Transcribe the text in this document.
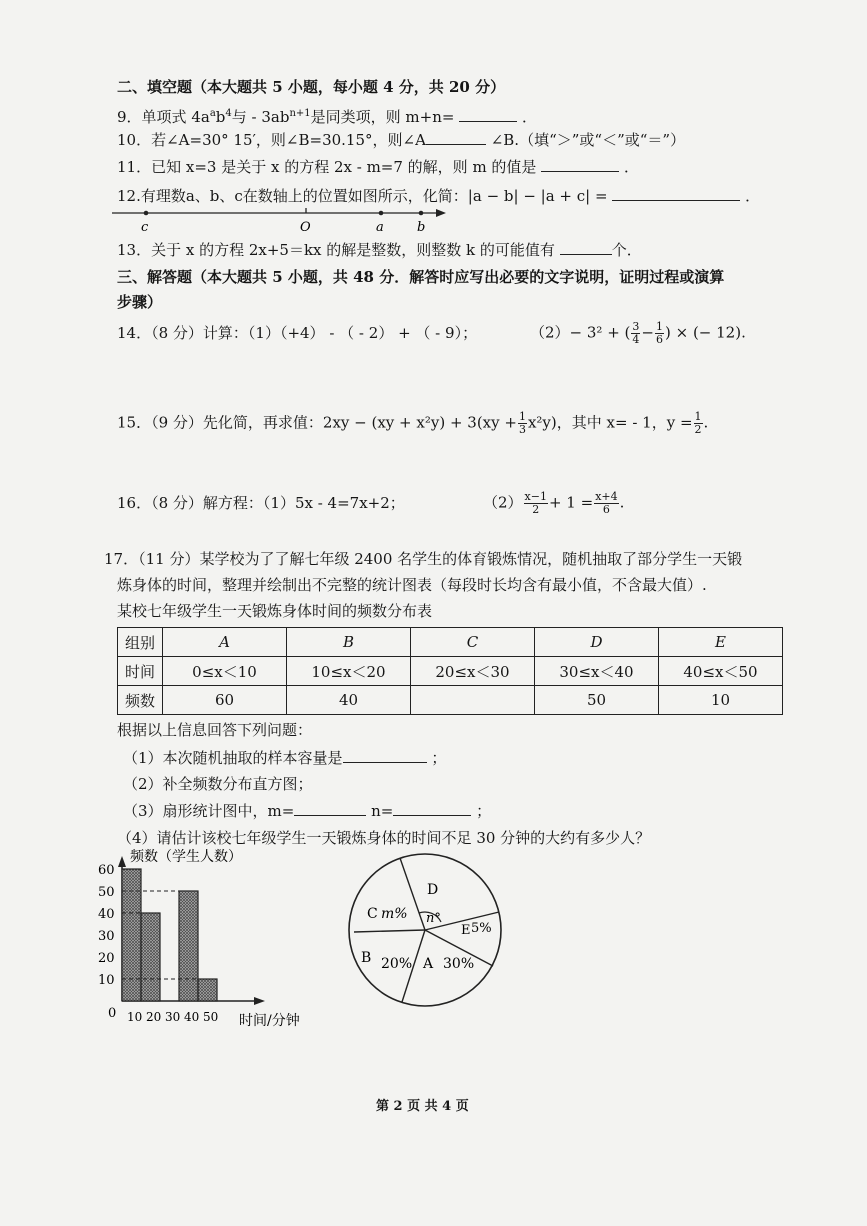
二、填空题（本大题共 5 小题，每小题 4 分，共 20 分）
9．单项式 $4a^ab^4$与 - $3ab^{n+1}$是同类项，则 m+n=	．
10．若∠A=30° 15′，则∠B=30.15°，则∠A	∠B.（填“＞”或“＜”或“＝”）
11．已知 x=3 是关于 x 的方程 2x - m=7 的解，则 m 的值是	．
12.有理数a、b、c在数轴上的位置如图所示，化简：|a − b| − |a + c| =	．
c	O	a	b
13．关于 x 的方程 2x+5＝kx 的解是整数，则整数 k 的可能值有	个．
三、解答题（本大题共 5 小题，共 48 分．解答时应写出必要的文字说明，证明过程或演算
步骤）
14．（8 分）计算：（1）（+4） - （ - 2） + （ - 9）；	（2）− 3² + ( $\frac{3}{4} - \frac{1}{6}$ ) × (− 12).
15．（9 分）先化简，再求值：$2xy - (xy + x^2y) + 3(xy + \frac{1}{3} x^2y)$，其中 x= - 1，$y = \frac{1}{2}$ .
16．（8 分）解方程：（1）5x - 4=7x+2；	$(2) \frac{x-1}{2} + 1 = \frac{x+4}{6}$ .
17．（11 分）某学校为了了解七年级 2400 名学生的体育锻炼情况，随机抽取了部分学生一天锻
炼身体的时间，整理并绘制出不完整的统计图表（每段时长均含有最小值，不含最大值）.
某校七年级学生一天锻炼身体时间的频数分布表
组别	A	B	C	D	E
时间	0≤x＜10	10≤x＜20	20≤x＜30	30≤x＜40	40≤x＜50
频数	60	40		50	10
根据以上信息回答下列问题：
（1）本次随机抽取的样本容量是	；
（2）补全频数分布直方图；
（3）扇形统计图中，m=	n=	；
（4）请估计该校七年级学生一天锻炼身体的时间不足 30 分钟的大约有多少人？
频数（学生人数）
时间/分钟
0
10
20
30
40
50
60
10 20 30 40 50
D
n°
C m%
E 5%
B 20% A 30%
第 2 页 共 4 页
